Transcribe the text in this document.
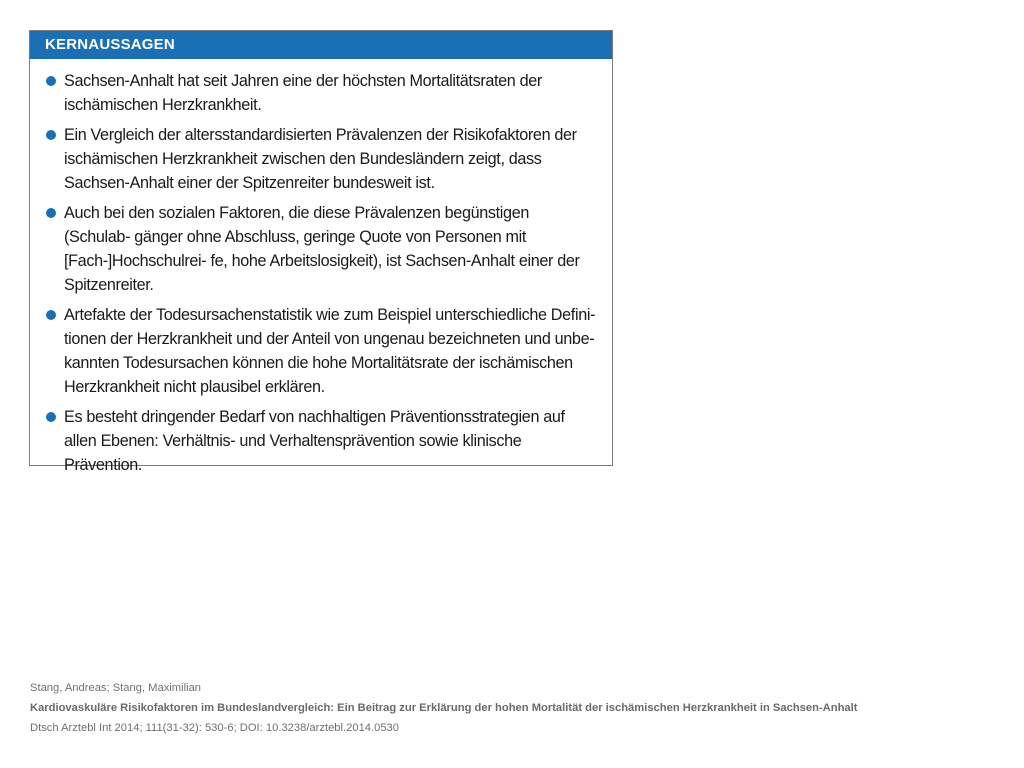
KERNAUSSAGEN
Sachsen-Anhalt hat seit Jahren eine der höchsten Mortalitätsraten der ischämischen Herzkrankheit.
Ein Vergleich der altersstandardisierten Prävalenzen der Risikofaktoren der ischämischen Herzkrankheit zwischen den Bundesländern zeigt, dass Sachsen-Anhalt einer der Spitzenreiter bundesweit ist.
Auch bei den sozialen Faktoren, die diese Prävalenzen begünstigen (Schulab- gänger ohne Abschluss, geringe Quote von Personen mit [Fach-]Hochschulrei- fe, hohe Arbeitslosigkeit), ist Sachsen-Anhalt einer der Spitzenreiter.
Artefakte der Todesursachenstatistik wie zum Beispiel unterschiedliche Defini- tionen der Herzkrankheit und der Anteil von ungenau bezeichneten und unbe- kannten Todesursachen können die hohe Mortalitätsrate der ischämischen Herzkrankheit nicht plausibel erklären.
Es besteht dringender Bedarf von nachhaltigen Präventionsstrategien auf allen Ebenen: Verhältnis- und Verhaltensprävention sowie klinische Prävention.
Stang, Andreas; Stang, Maximilian
Kardiovaskuläre Risikofaktoren im Bundeslandvergleich: Ein Beitrag zur Erklärung der hohen Mortalität der ischämischen Herzkrankheit in Sachsen-Anhalt
Dtsch Arztebl Int 2014; 111(31-32): 530-6; DOI: 10.3238/arztebl.2014.0530
